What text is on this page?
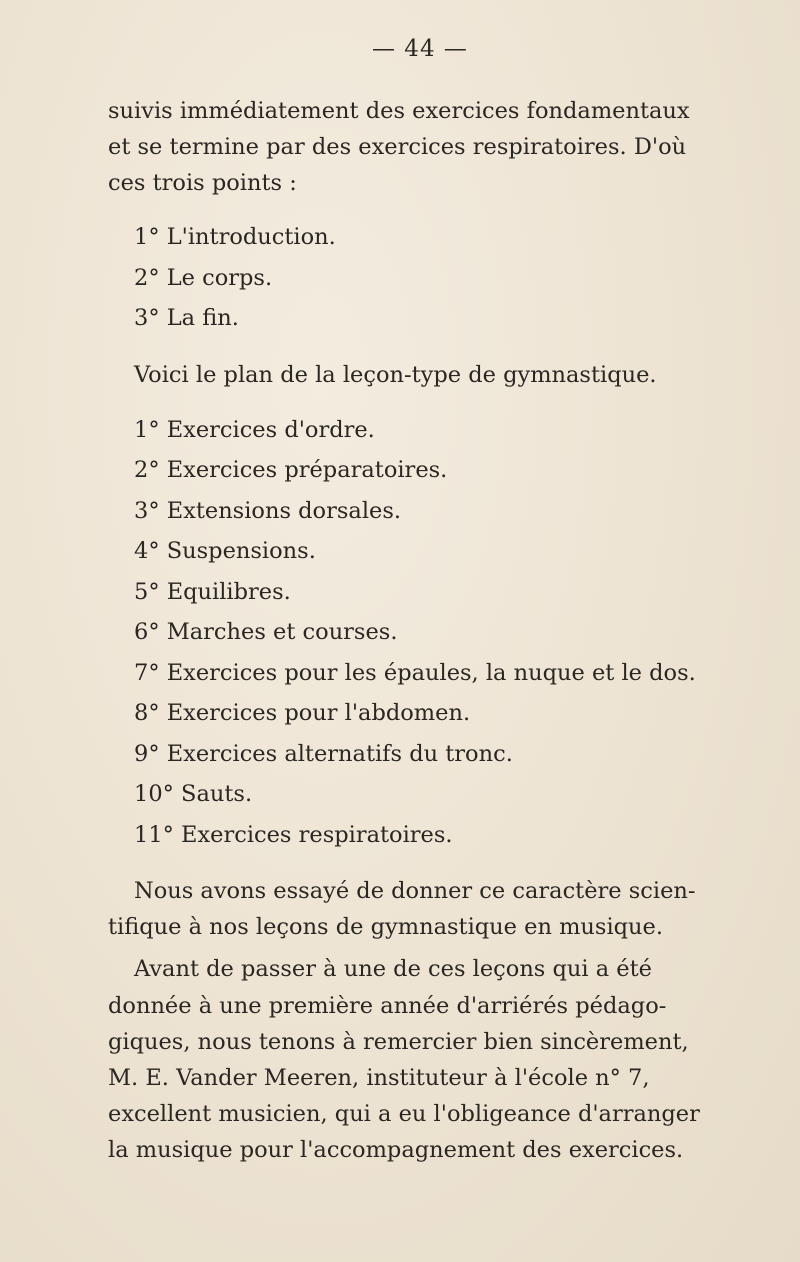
— 44 —
suivis immédiatement des exercices fondamentaux
et se termine par des exercices respiratoires. D'où
ces trois points :
1° L'introduction.
2° Le corps.
3° La fin.
Voici le plan de la leçon-type de gymnastique.
1° Exercices d'ordre.
2° Exercices préparatoires.
3° Extensions dorsales.
4° Suspensions.
5° Equilibres.
6° Marches et courses.
7° Exercices pour les épaules, la nuque et le dos.
8° Exercices pour l'abdomen.
9° Exercices alternatifs du tronc.
10° Sauts.
11° Exercices respiratoires.
Nous avons essayé de donner ce caractère scien-
tifique à nos leçons de gymnastique en musique.
Avant de passer à une de ces leçons qui a été
donnée à une première année d'arriérés pédago-
giques, nous tenons à remercier bien sincèrement,
M. E. Vander Meeren, instituteur à l'école n° 7,
excellent musicien, qui a eu l'obligeance d'arranger
la musique pour l'accompagnement des exercices.
